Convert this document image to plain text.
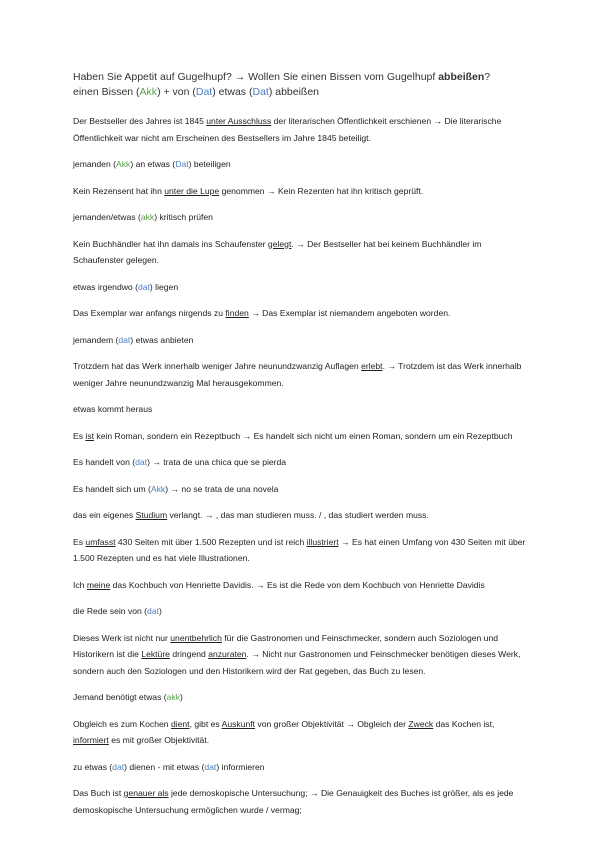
Haben Sie Appetit auf Gugelhupf? → Wollen Sie einen Bissen vom Gugelhupf abbeißen?
einen Bissen (Akk) + von (Dat) etwas (Dat) abbeißen
Der Bestseller des Jahres ist 1845 unter Ausschluss der literarischen Öffentlichkeit erschienen → Die literarische Öffentlichkeit war nicht am Erscheinen des Bestsellers im Jahre 1845 beteiligt.
jemanden (Akk) an etwas (Dat) beteiligen
Kein Rezensent hat ihn unter die Lupe genommen → Kein Rezenten hat ihn kritisch geprüft.
jemanden/etwas (akk) kritisch prüfen
Kein Buchhändler hat ihn damals ins Schaufenster gelegt. → Der Bestseller hat bei keinem Buchhändler im Schaufenster gelegen.
etwas irgendwo (dat) liegen
Das Exemplar war anfangs nirgends zu finden → Das Exemplar ist niemandem angeboten worden.
jemandem (dat) etwas anbieten
Trotzdem hat das Werk innerhalb weniger Jahre neunundzwanzig Auflagen erlebt. → Trotzdem ist das Werk innerhalb weniger Jahre neunundzwanzig Mal herausgekommen.
etwas kommt heraus
Es ist kein Roman, sondern ein Rezeptbuch → Es handelt sich nicht um einen Roman, sondern um ein Rezeptbuch
Es handelt von (dat) → trata de una chica que se pierda
Es handelt sich um (Akk) → no se trata de una novela
das ein eigenes Studium verlangt. → , das man studieren muss. / , das studiert werden muss.
Es umfasst 430 Seiten mit über 1.500 Rezepten und ist reich illustriert → Es hat einen Umfang von 430 Seiten mit über 1.500 Rezepten und es hat viele Illustrationen.
Ich meine das Kochbuch von Henriette Davidis. → Es ist die Rede von dem Kochbuch von Henriette Davidis
die Rede sein von (dat)
Dieses Werk ist nicht nur unentbehrlich für die Gastronomen und Feinschmecker, sondern auch Soziologen und Historikern ist die Lektüre dringend anzuraten. → Nicht nur Gastronomen und Feinschmecker benötigen dieses Werk, sondern auch den Soziologen und den Historikern wird der Rat gegeben, das Buch zu lesen.
Jemand benötigt etwas (akk)
Obgleich es zum Kochen dient, gibt es Auskunft von großer Objektivität → Obgleich der Zweck das Kochen ist, informiert es mit großer Objektivität.
zu etwas (dat) dienen - mit etwas (dat) informieren
Das Buch ist genauer als jede demoskopische Untersuchung; → Die Genauigkeit des Buches ist größer, als es jede demoskopische Untersuchung ermöglichen wurde / vermag;
